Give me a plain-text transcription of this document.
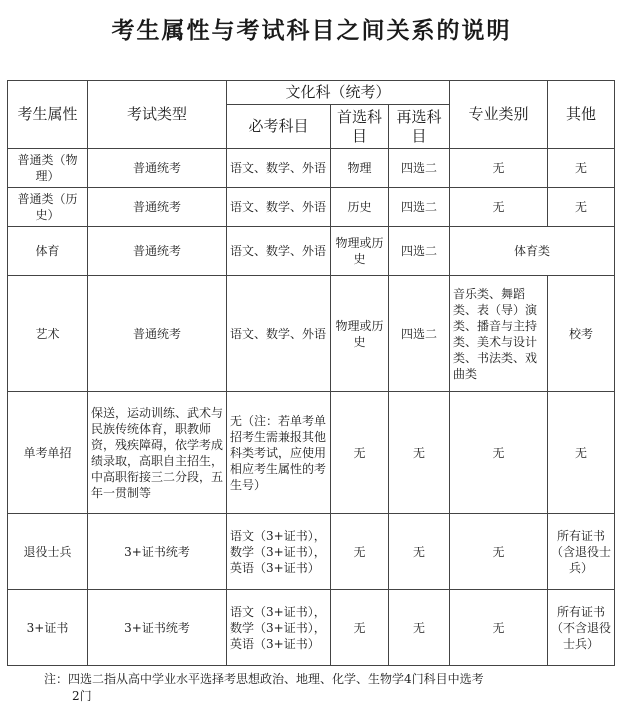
考生属性与考试科目之间关系的说明
考生属性	考试类型	文化科（统考）			专业类别	其他
		必考科目	首选科目	再选科目		
普通类（物理）	普通统考	语文、数学、外语	物理	四选二	无	无
普通类（历史）	普通统考	语文、数学、外语	历史	四选二	无	无
体育	普通统考	语文、数学、外语	物理或历史	四选二	体育类	
艺术	普通统考	语文、数学、外语	物理或历史	四选二	音乐类、舞蹈类、表（导）演类、播音与主持类、美术与设计类、书法类、戏曲类	校考
单考单招	保送，运动训练、武术与民族传统体育，职教师资，残疾障碍，依学考成绩录取，高职自主招生，中高职衔接三二分段，五年一贯制等	无（注：若单考单招考生需兼报其他科类考试，应使用相应考生属性的考生号）	无	无	无	无
退役士兵	3+证书统考	语文（3+证书），数学（3+证书），英语（3+证书）	无	无	无	所有证书（含退役士兵）
3+证书	3+证书统考	语文（3+证书），数学（3+证书），英语（3+证书）	无	无	无	所有证书（不含退役士兵）
注：四选二指从高中学业水平选择考思想政治、地理、化学、生物学4门科目中选考
2门
